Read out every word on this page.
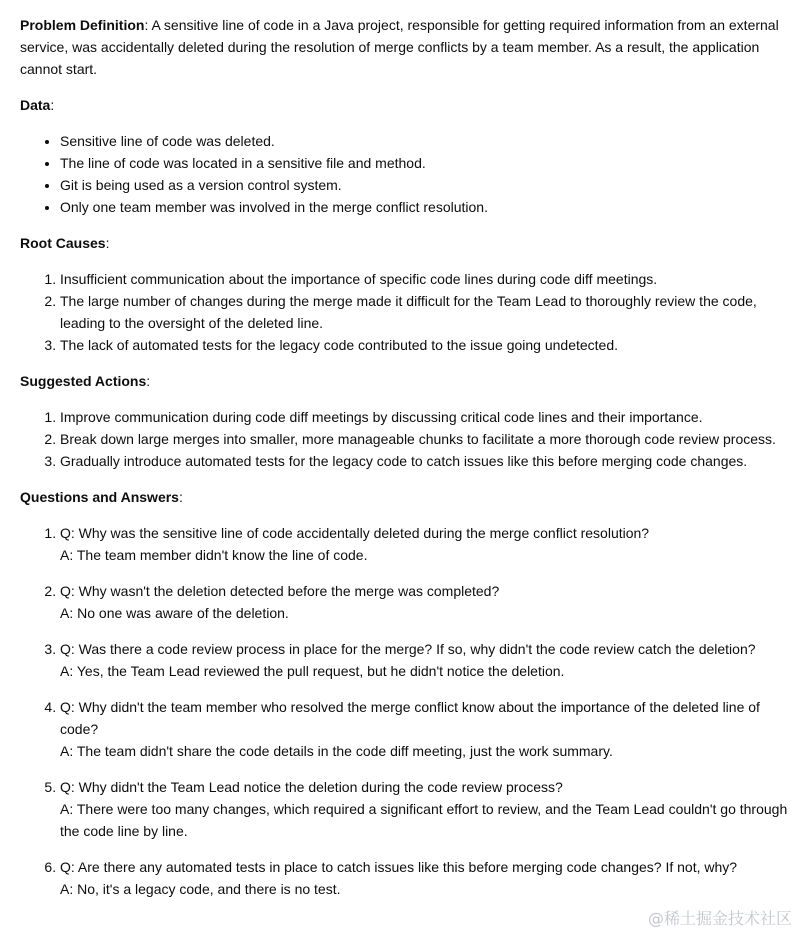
Problem Definition: A sensitive line of code in a Java project, responsible for getting required information from an external service, was accidentally deleted during the resolution of merge conflicts by a team member. As a result, the application cannot start.

Data:

• Sensitive line of code was deleted.
• The line of code was located in a sensitive file and method.
• Git is being used as a version control system.
• Only one team member was involved in the merge conflict resolution.

Root Causes:

1. Insufficient communication about the importance of specific code lines during code diff meetings.
2. The large number of changes during the merge made it difficult for the Team Lead to thoroughly review the code, leading to the oversight of the deleted line.
3. The lack of automated tests for the legacy code contributed to the issue going undetected.

Suggested Actions:

1. Improve communication during code diff meetings by discussing critical code lines and their importance.
2. Break down large merges into smaller, more manageable chunks to facilitate a more thorough code review process.
3. Gradually introduce automated tests for the legacy code to catch issues like this before merging code changes.

Questions and Answers:

1. Q: Why was the sensitive line of code accidentally deleted during the merge conflict resolution?
A: The team member didn't know the line of code.
2. Q: Why wasn't the deletion detected before the merge was completed?
A: No one was aware of the deletion.
3. Q: Was there a code review process in place for the merge? If so, why didn't the code review catch the deletion?
A: Yes, the Team Lead reviewed the pull request, but he didn't notice the deletion.
4. Q: Why didn't the team member who resolved the merge conflict know about the importance of the deleted line of code?
A: The team didn't share the code details in the code diff meeting, just the work summary.
5. Q: Why didn't the Team Lead notice the deletion during the code review process?
A: There were too many changes, which required a significant effort to review, and the Team Lead couldn't go through the code line by line.
6. Q: Are there any automated tests in place to catch issues like this before merging code changes? If not, why?
A: No, it's a legacy code, and there is no test.
@稀土掘金技术社区
